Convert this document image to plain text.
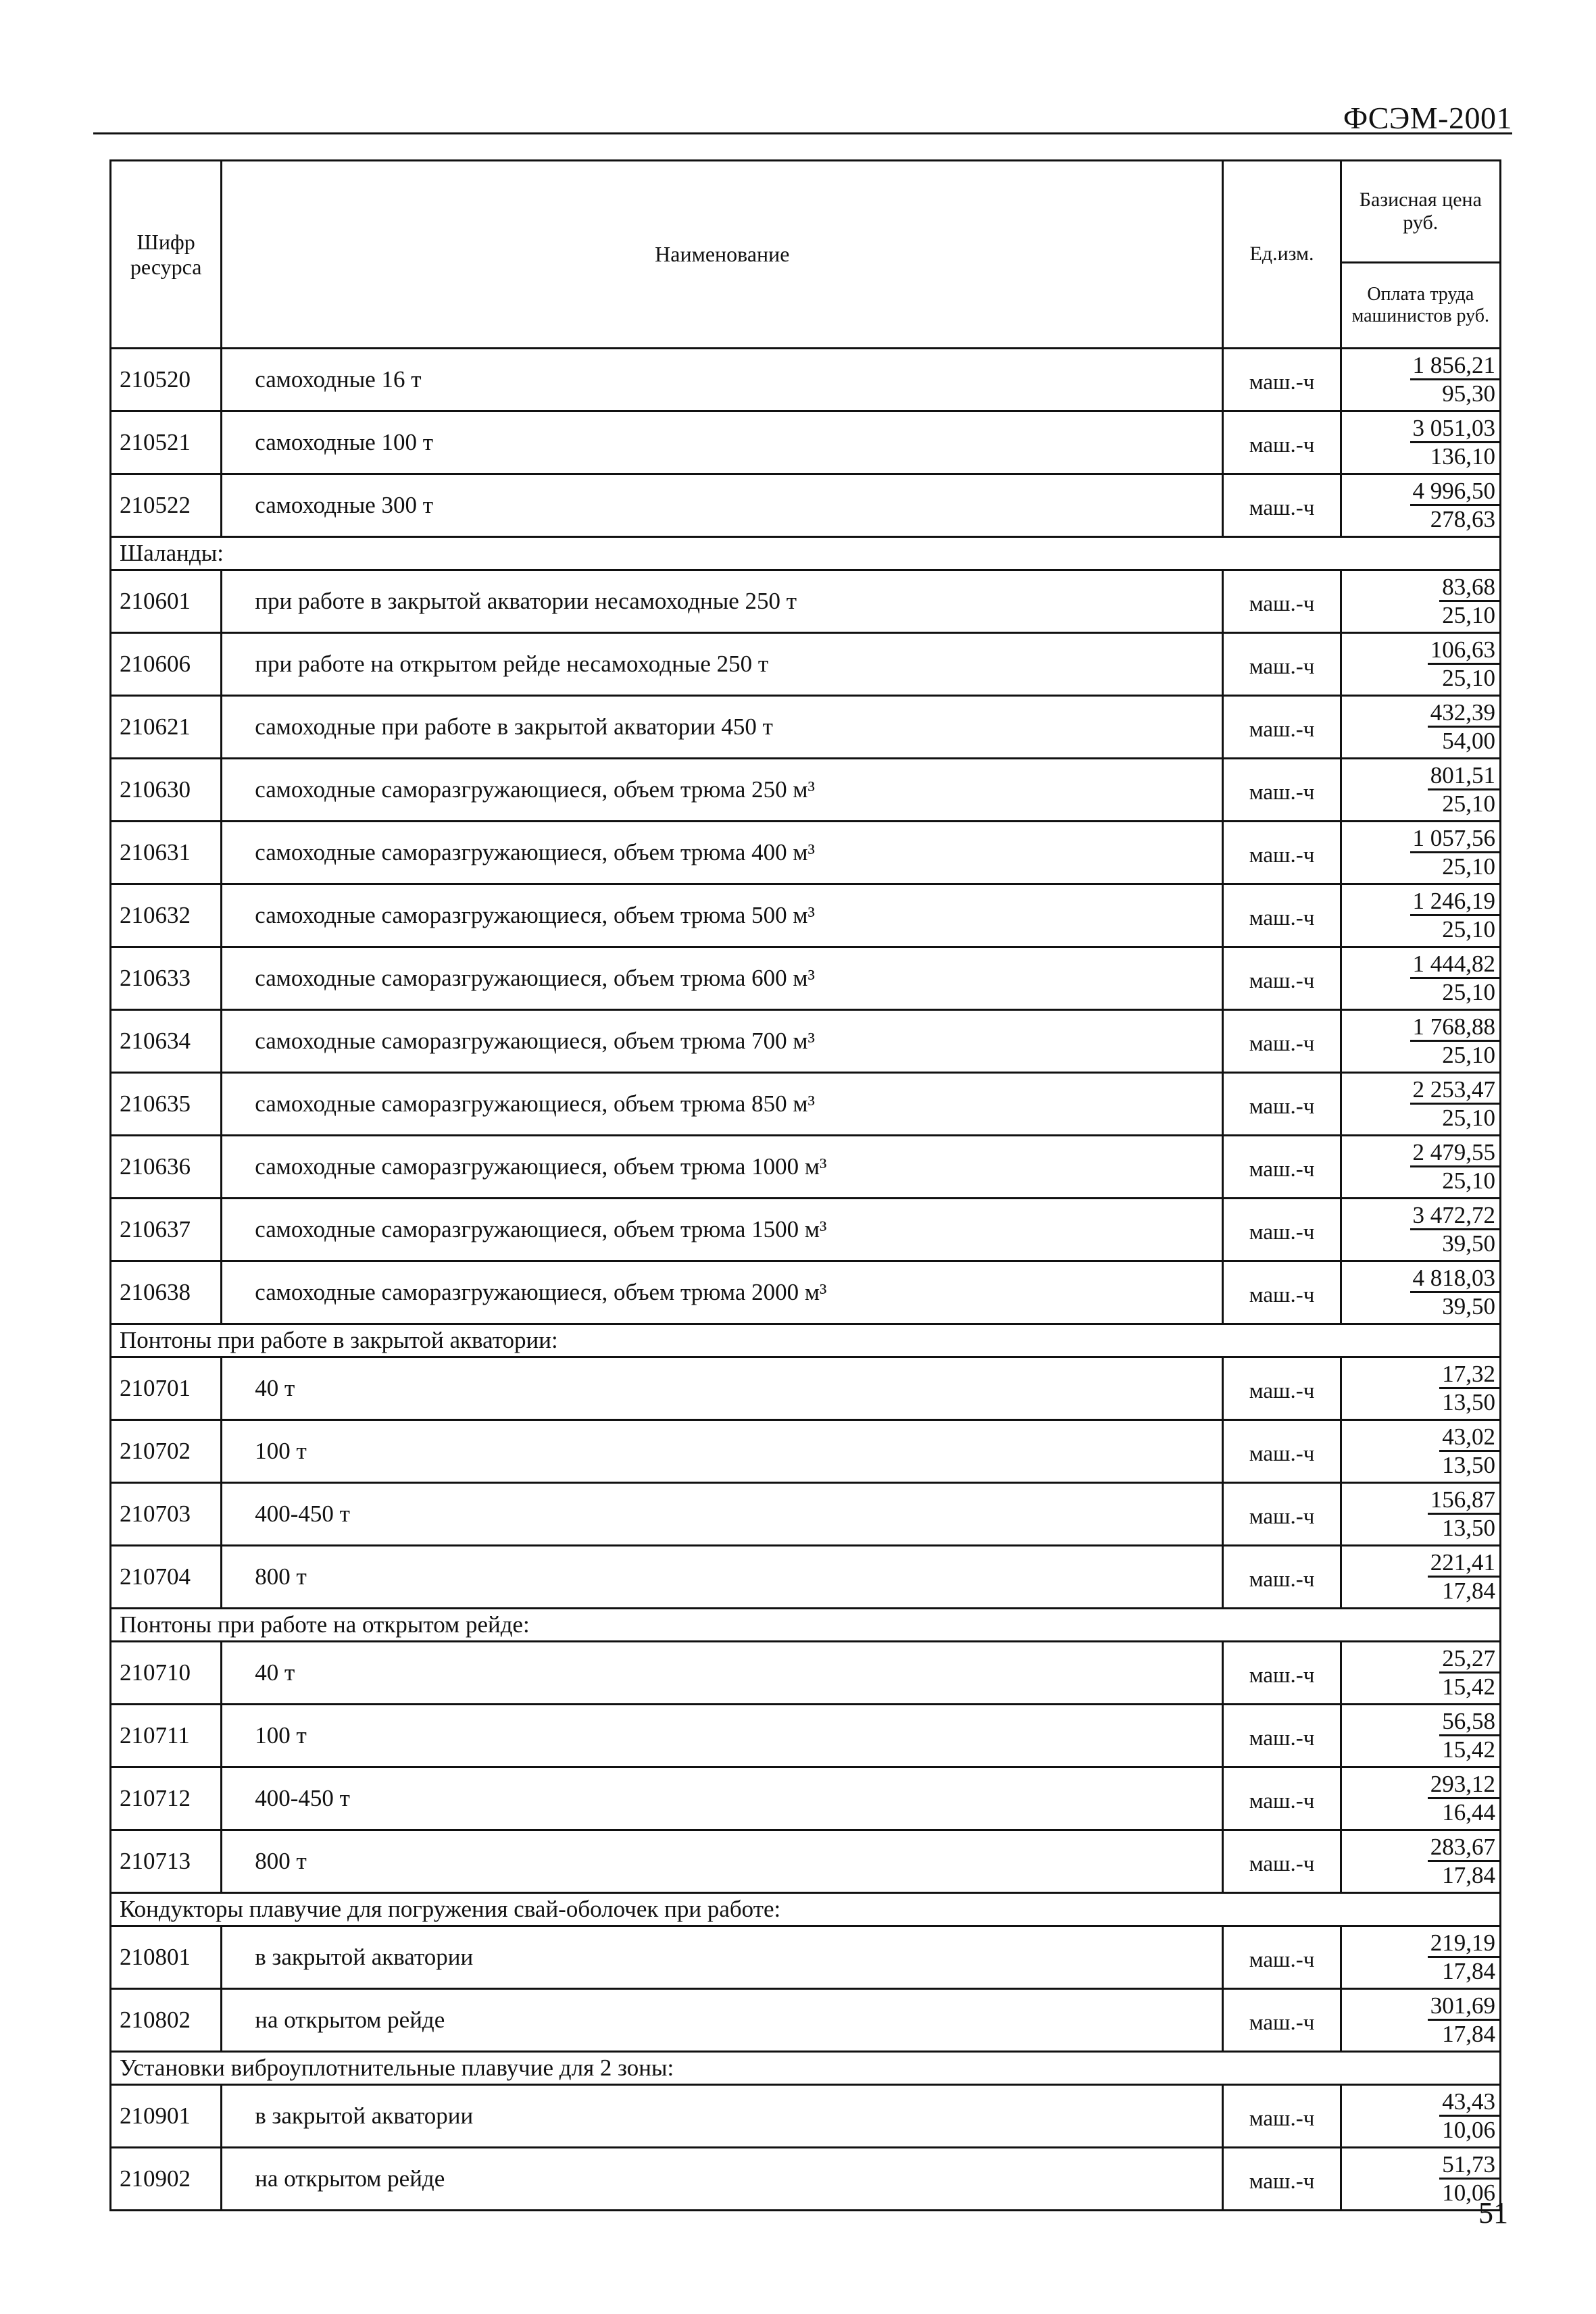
ФСЭМ-2001
Шифр ресурса	Наименование	Ед.изм.	Базисная цена руб.
			Оплата труда машинистов руб.
210520	самоходные 16 т	маш.-ч	1 856,21
95,30

210521	самоходные 100 т	маш.-ч	3 051,03
136,10

210522	самоходные 300 т	маш.-ч	4 996,50
278,63

Шаланды:			
210601	при работе в закрытой акватории несамоходные 250 т	маш.-ч	83,68
25,10

210606	при работе на открытом рейде несамоходные 250 т	маш.-ч	106,63
25,10

210621	самоходные при работе в закрытой акватории 450 т	маш.-ч	432,39
54,00

210630	самоходные саморазгружающиеся, объем трюма 250 м³	маш.-ч	801,51
25,10

210631	самоходные саморазгружающиеся, объем трюма 400 м³	маш.-ч	1 057,56
25,10

210632	самоходные саморазгружающиеся, объем трюма 500 м³	маш.-ч	1 246,19
25,10

210633	самоходные саморазгружающиеся, объем трюма 600 м³	маш.-ч	1 444,82
25,10

210634	самоходные саморазгружающиеся, объем трюма 700 м³	маш.-ч	1 768,88
25,10

210635	самоходные саморазгружающиеся, объем трюма 850 м³	маш.-ч	2 253,47
25,10

210636	самоходные саморазгружающиеся, объем трюма 1000 м³	маш.-ч	2 479,55
25,10

210637	самоходные саморазгружающиеся, объем трюма 1500 м³	маш.-ч	3 472,72
39,50

210638	самоходные саморазгружающиеся, объем трюма 2000 м³	маш.-ч	4 818,03
39,50

Понтоны при работе в закрытой акватории:			
210701	40 т	маш.-ч	17,32
13,50

210702	100 т	маш.-ч	43,02
13,50

210703	400-450 т	маш.-ч	156,87
13,50

210704	800 т	маш.-ч	221,41
17,84

Понтоны при работе на открытом рейде:			
210710	40 т	маш.-ч	25,27
15,42

210711	100 т	маш.-ч	56,58
15,42

210712	400-450 т	маш.-ч	293,12
16,44

210713	800 т	маш.-ч	283,67
17,84

Кондукторы плавучие для погружения свай-оболочек при работе:			
210801	в закрытой акватории	маш.-ч	219,19
17,84

210802	на открытом рейде	маш.-ч	301,69
17,84

Установки виброуплотнительные плавучие для 2 зоны:			
210901	в закрытой акватории	маш.-ч	43,43
10,06

210902	на открытом рейде	маш.-ч	51,73
10,06
51
